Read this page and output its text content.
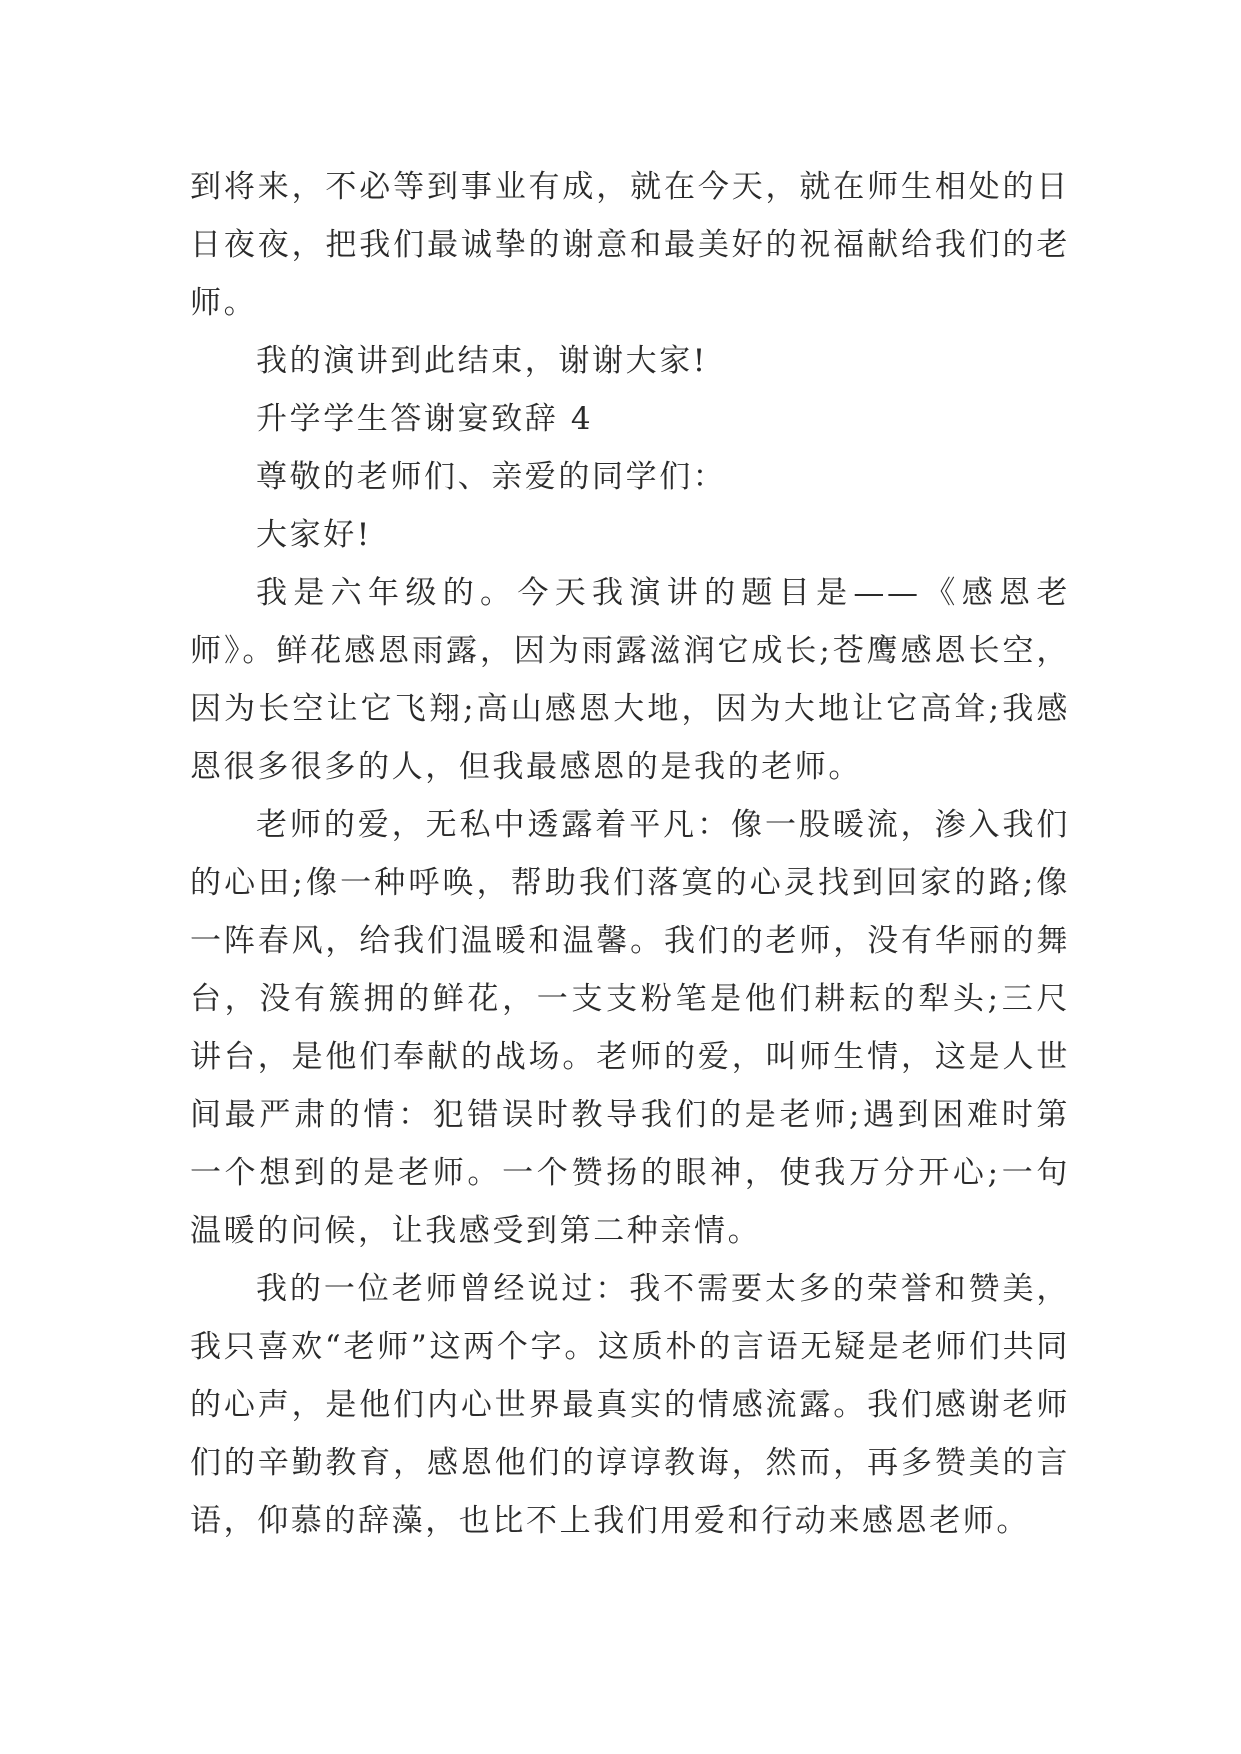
到将来，不必等到事业有成，就在今天，就在师生相处的日日夜夜，把我们最诚挚的谢意和最美好的祝福献给我们的老师。

我的演讲到此结束，谢谢大家!

升学学生答谢宴致辞 4

尊敬的老师们、亲爱的同学们：

大家好!

我是六年级的。今天我演讲的题目是——《感恩老师》。鲜花感恩雨露，因为雨露滋润它成长;苍鹰感恩长空，因为长空让它飞翔;高山感恩大地，因为大地让它高耸;我感恩很多很多的人，但我最感恩的是我的老师。

老师的爱，无私中透露着平凡：像一股暖流，渗入我们的心田;像一种呼唤，帮助我们落寞的心灵找到回家的路;像一阵春风，给我们温暖和温馨。我们的老师，没有华丽的舞台，没有簇拥的鲜花，一支支粉笔是他们耕耘的犁头;三尺讲台，是他们奉献的战场。老师的爱，叫师生情，这是人世间最严肃的情：犯错误时教导我们的是老师;遇到困难时第一个想到的是老师。一个赞扬的眼神，使我万分开心;一句温暖的问候，让我感受到第二种亲情。

我的一位老师曾经说过：我不需要太多的荣誉和赞美，我只喜欢“老师”这两个字。这质朴的言语无疑是老师们共同的心声，是他们内心世界最真实的情感流露。我们感谢老师们的辛勤教育，感恩他们的谆谆教诲，然而，再多赞美的言语，仰慕的辞藻，也比不上我们用爱和行动来感恩老师。
